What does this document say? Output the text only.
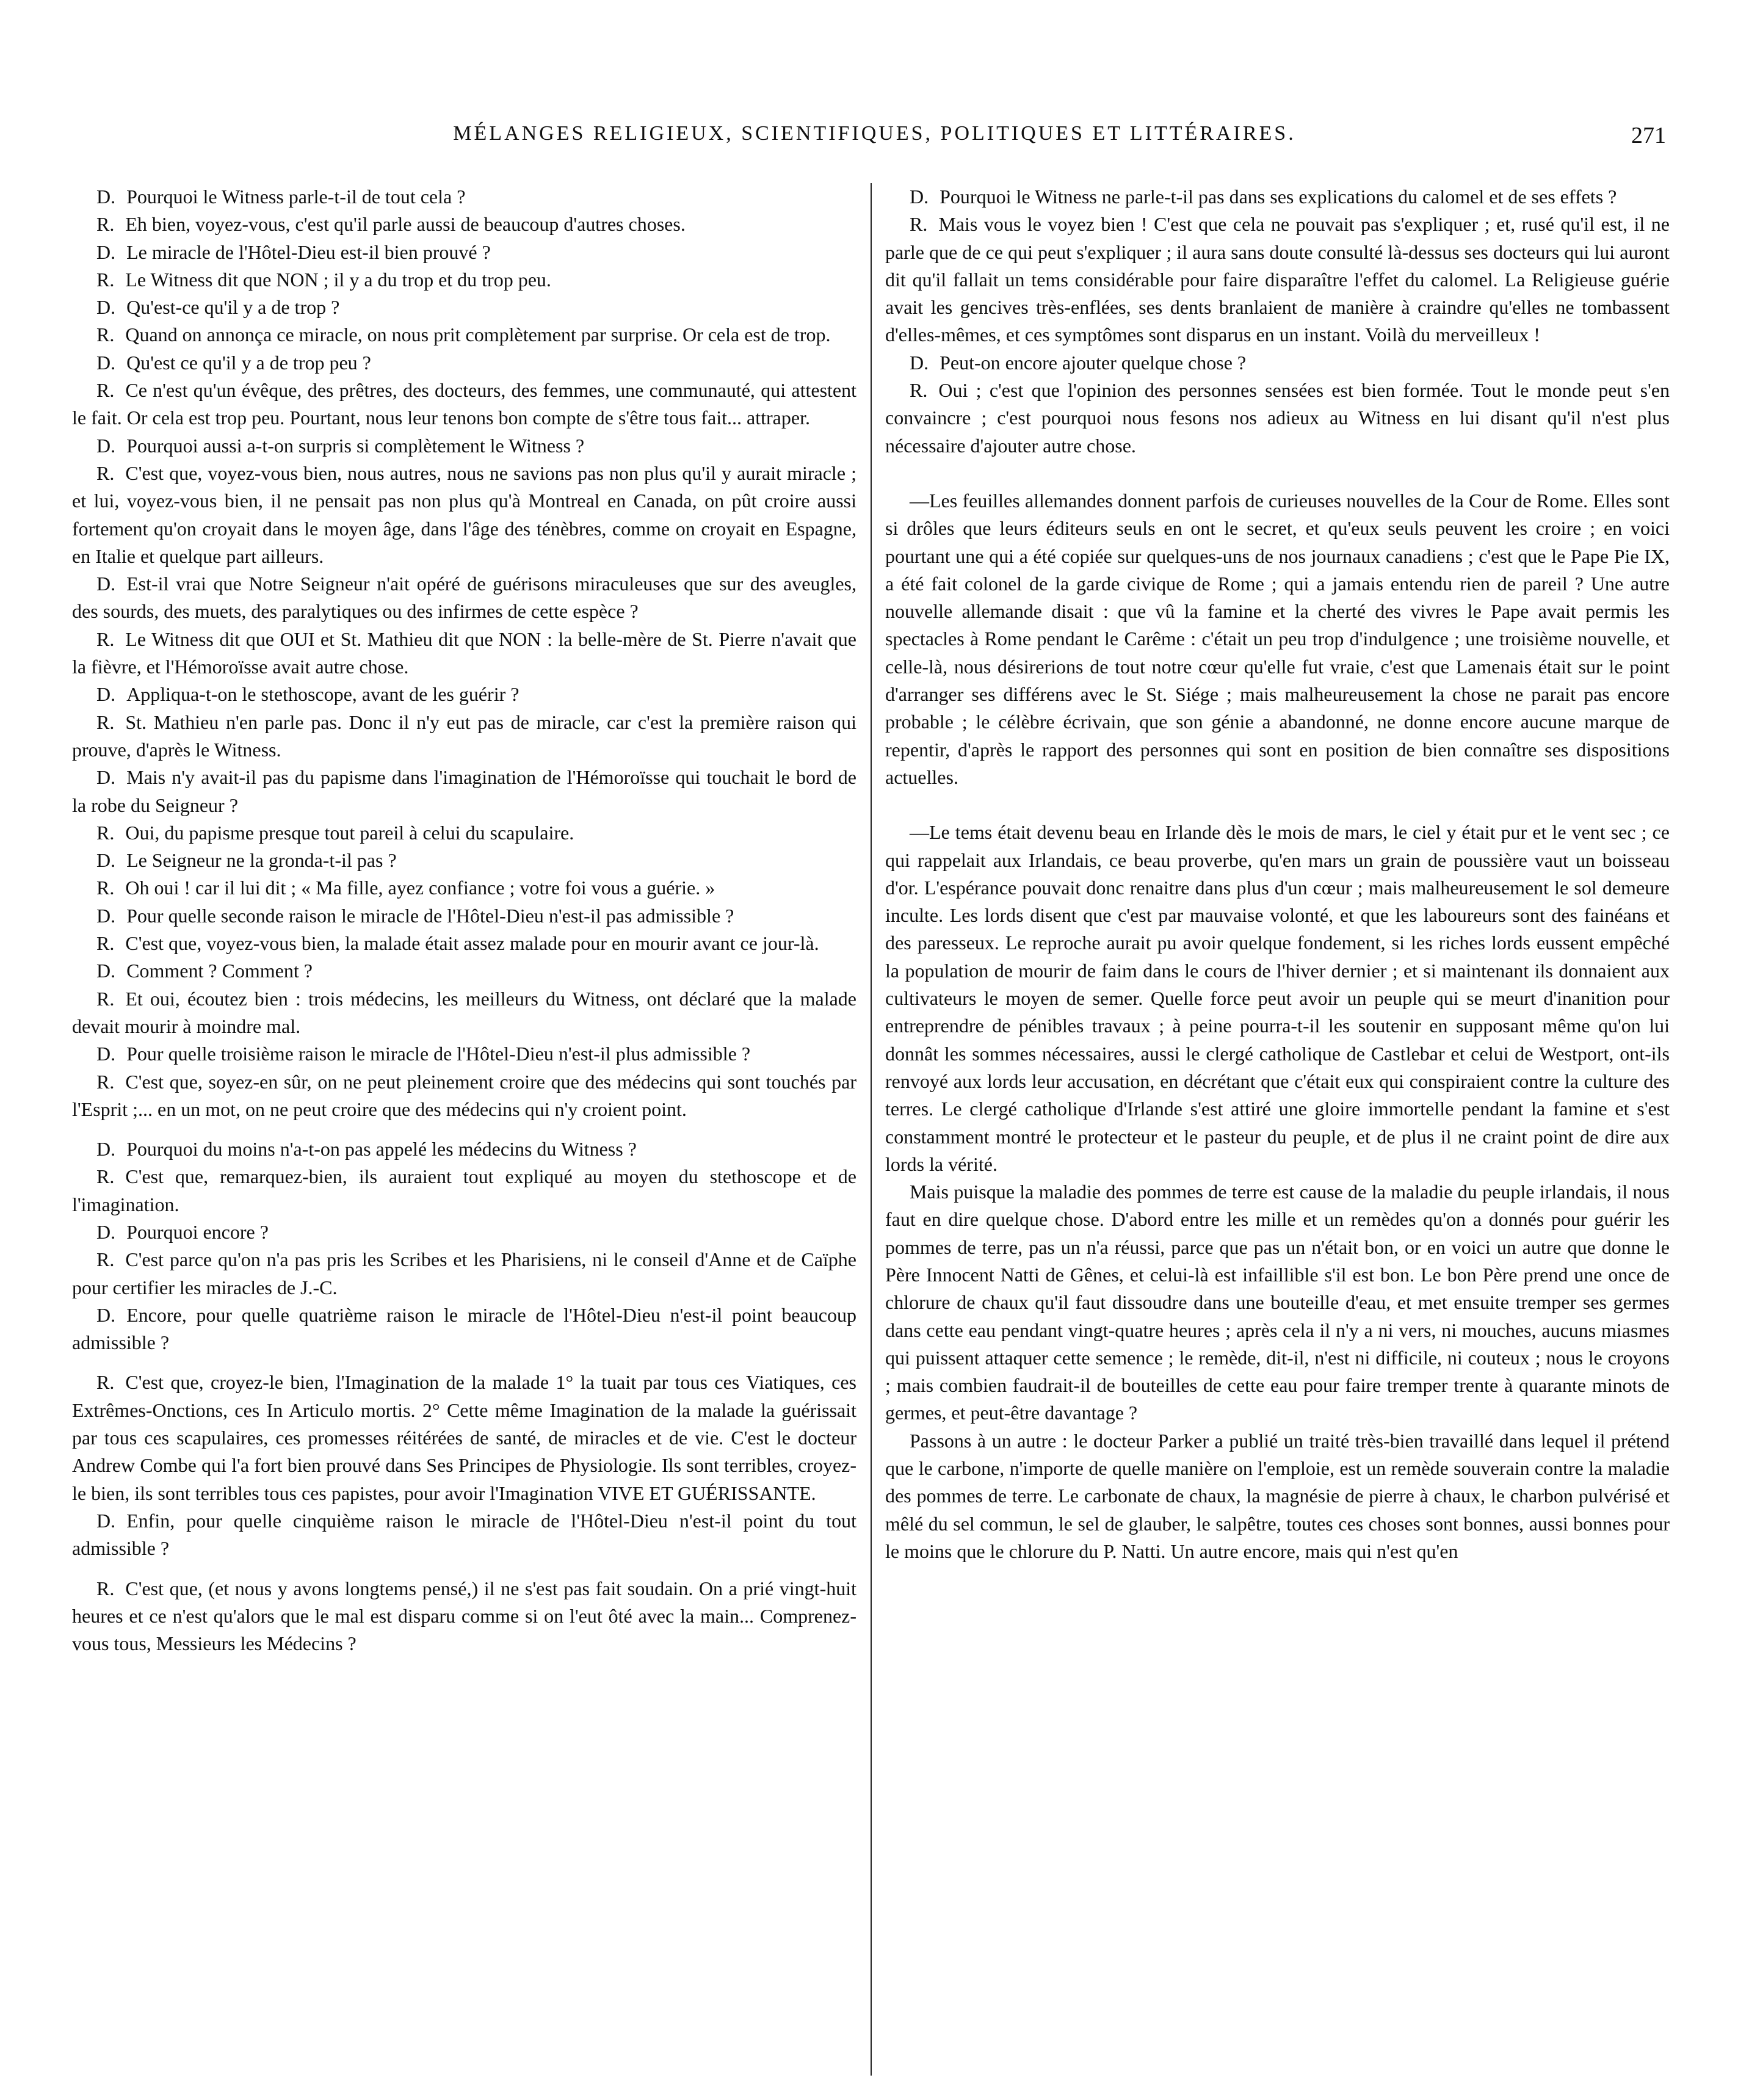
MÉLANGES RELIGIEUX, SCIENTIFIQUES, POLITIQUES ET LITTÉRAIRES.	271

D. Pourquoi le Witness parle-t-il de tout cela ?

R. Eh bien, voyez-vous, c'est qu'il parle aussi de beaucoup d'autres choses.

D. Le miracle de l'Hôtel-Dieu est-il bien prouvé ?

R. Le Witness dit que NON ; il y a du trop et du trop peu.

D. Qu'est-ce qu'il y a de trop ?

R. Quand on annonça ce miracle, on nous prit complètement par surprise. Or cela est de trop.

D. Qu'est ce qu'il y a de trop peu ?

R. Ce n'est qu'un évêque, des prêtres, des docteurs, des femmes, une communauté, qui attestent le fait. Or cela est trop peu. Pourtant, nous leur tenons bon compte de s'être tous fait... attraper.

D. Pourquoi aussi a-t-on surpris si complètement le Witness ?

R. C'est que, voyez-vous bien, nous autres, nous ne savions pas non plus qu'il y aurait miracle ; et lui, voyez-vous bien, il ne pensait pas non plus qu'à Montreal en Canada, on pût croire aussi fortement qu'on croyait dans le moyen âge, dans l'âge des ténèbres, comme on croyait en Espagne, en Italie et quelque part ailleurs.

D. Est-il vrai que Notre Seigneur n'ait opéré de guérisons miraculeuses que sur des aveugles, des sourds, des muets, des paralytiques ou des infirmes de cette espèce ?

R. Le Witness dit que OUI et St. Mathieu dit que NON : la belle-mère de St. Pierre n'avait que la fièvre, et l'Hémoroïsse avait autre chose.

D. Appliqua-t-on le stethoscope, avant de les guérir ?

R. St. Mathieu n'en parle pas. Donc il n'y eut pas de miracle, car c'est la première raison qui prouve, d'après le Witness.

D. Mais n'y avait-il pas du papisme dans l'imagination de l'Hémoroïsse qui touchait le bord de la robe du Seigneur ?

R. Oui, du papisme presque tout pareil à celui du scapulaire.

D. Le Seigneur ne la gronda-t-il pas ?

R. Oh oui ! car il lui dit ; « Ma fille, ayez confiance ; votre foi vous a guérie. »

D. Pour quelle seconde raison le miracle de l'Hôtel-Dieu n'est-il pas admissible ?

R. C'est que, voyez-vous bien, la malade était assez malade pour en mourir avant ce jour-là.

D. Comment ? Comment ?

R. Et oui, écoutez bien : trois médecins, les meilleurs du Witness, ont déclaré que la malade devait mourir à moindre mal.

D. Pour quelle troisième raison le miracle de l'Hôtel-Dieu n'est-il plus admissible ?

R. C'est que, soyez-en sûr, on ne peut pleinement croire que des médecins qui sont touchés par l'Esprit ;... en un mot, on ne peut croire que des médecins qui n'y croient point.

D. Pourquoi du moins n'a-t-on pas appelé les médecins du Witness ?

R. C'est que, remarquez-bien, ils auraient tout expliqué au moyen du stethoscope et de l'imagination.

D. Pourquoi encore ?

R. C'est parce qu'on n'a pas pris les Scribes et les Pharisiens, ni le conseil d'Anne et de Caïphe pour certifier les miracles de J.-C.

D. Encore, pour quelle quatrième raison le miracle de l'Hôtel-Dieu n'est-il point beaucoup admissible ?

R. C'est que, croyez-le bien, l'Imagination de la malade 1° la tuait par tous ces Viatiques, ces Extrêmes-Onctions, ces In Articulo mortis. 2° Cette même Imagination de la malade la guérissait par tous ces scapulaires, ces promesses réitérées de santé, de miracles et de vie. C'est le docteur Andrew Combe qui l'a fort bien prouvé dans Ses Principes de Physiologie. Ils sont terribles, croyez-le bien, ils sont terribles tous ces papistes, pour avoir l'Imagination VIVE ET GUÉRISSANTE.

D. Enfin, pour quelle cinquième raison le miracle de l'Hôtel-Dieu n'est-il point du tout admissible ?

R. C'est que, (et nous y avons longtems pensé,) il ne s'est pas fait soudain. On a prié vingt-huit heures et ce n'est qu'alors que le mal est disparu comme si on l'eut ôté avec la main... Comprenez-vous tous, Messieurs les Médecins ?

D. Pourquoi le Witness ne parle-t-il pas dans ses explications du calomel et de ses effets ?

R. Mais vous le voyez bien ! C'est que cela ne pouvait pas s'expliquer ; et, rusé qu'il est, il ne parle que de ce qui peut s'expliquer ; il aura sans doute consulté là-dessus ses docteurs qui lui auront dit qu'il fallait un tems considérable pour faire disparaître l'effet du calomel. La Religieuse guérie avait les gencives très-enflées, ses dents branlaient de manière à craindre qu'elles ne tombassent d'elles-mêmes, et ces symptômes sont disparus en un instant. Voilà du merveilleux !

D. Peut-on encore ajouter quelque chose ?

R. Oui ; c'est que l'opinion des personnes sensées est bien formée. Tout le monde peut s'en convaincre ; c'est pourquoi nous fesons nos adieux au Witness en lui disant qu'il n'est plus nécessaire d'ajouter autre chose.

—Les feuilles allemandes donnent parfois de curieuses nouvelles de la Cour de Rome. Elles sont si drôles que leurs éditeurs seuls en ont le secret, et qu'eux seuls peuvent les croire ; en voici pourtant une qui a été copiée sur quelques-uns de nos journaux canadiens ; c'est que le Pape Pie IX, a été fait colonel de la garde civique de Rome ; qui a jamais entendu rien de pareil ? Une autre nouvelle allemande disait : que vû la famine et la cherté des vivres le Pape avait permis les spectacles à Rome pendant le Carême : c'était un peu trop d'indulgence ; une troisième nouvelle, et celle-là, nous désirerions de tout notre cœur qu'elle fut vraie, c'est que Lamenais était sur le point d'arranger ses différens avec le St. Siége ; mais malheureusement la chose ne parait pas encore probable ; le célèbre écrivain, que son génie a abandonné, ne donne encore aucune marque de repentir, d'après le rapport des personnes qui sont en position de bien connaître ses dispositions actuelles.

—Le tems était devenu beau en Irlande dès le mois de mars, le ciel y était pur et le vent sec ; ce qui rappelait aux Irlandais, ce beau proverbe, qu'en mars un grain de poussière vaut un boisseau d'or. L'espérance pouvait donc renaitre dans plus d'un cœur ; mais malheureusement le sol demeure inculte. Les lords disent que c'est par mauvaise volonté, et que les laboureurs sont des fainéans et des paresseux. Le reproche aurait pu avoir quelque fondement, si les riches lords eussent empêché la population de mourir de faim dans le cours de l'hiver dernier ; et si maintenant ils donnaient aux cultivateurs le moyen de semer. Quelle force peut avoir un peuple qui se meurt d'inanition pour entreprendre de pénibles travaux ; à peine pourra-t-il les soutenir en supposant même qu'on lui donnât les sommes nécessaires, aussi le clergé catholique de Castlebar et celui de Westport, ont-ils renvoyé aux lords leur accusation, en décrétant que c'était eux qui conspiraient contre la culture des terres. Le clergé catholique d'Irlande s'est attiré une gloire immortelle pendant la famine et s'est constamment montré le protecteur et le pasteur du peuple, et de plus il ne craint point de dire aux lords la vérité.

Mais puisque la maladie des pommes de terre est cause de la maladie du peuple irlandais, il nous faut en dire quelque chose. D'abord entre les mille et un remèdes qu'on a donnés pour guérir les pommes de terre, pas un n'a réussi, parce que pas un n'était bon, or en voici un autre que donne le Père Innocent Natti de Gênes, et celui-là est infaillible s'il est bon. Le bon Père prend une once de chlorure de chaux qu'il faut dissoudre dans une bouteille d'eau, et met ensuite tremper ses germes dans cette eau pendant vingt-quatre heures ; après cela il n'y a ni vers, ni mouches, aucuns miasmes qui puissent attaquer cette semence ; le remède, dit-il, n'est ni difficile, ni couteux ; nous le croyons ; mais combien faudrait-il de bouteilles de cette eau pour faire tremper trente à quarante minots de germes, et peut-être davantage ?

Passons à un autre : le docteur Parker a publié un traité très-bien travaillé dans lequel il prétend que le carbone, n'importe de quelle manière on l'emploie, est un remède souverain contre la maladie des pommes de terre. Le carbonate de chaux, la magnésie de pierre à chaux, le charbon pulvérisé et mêlé du sel commun, le sel de glauber, le salpêtre, toutes ces choses sont bonnes, aussi bonnes pour le moins que le chlorure du P. Natti. Un autre encore, mais qui n'est qu'en
